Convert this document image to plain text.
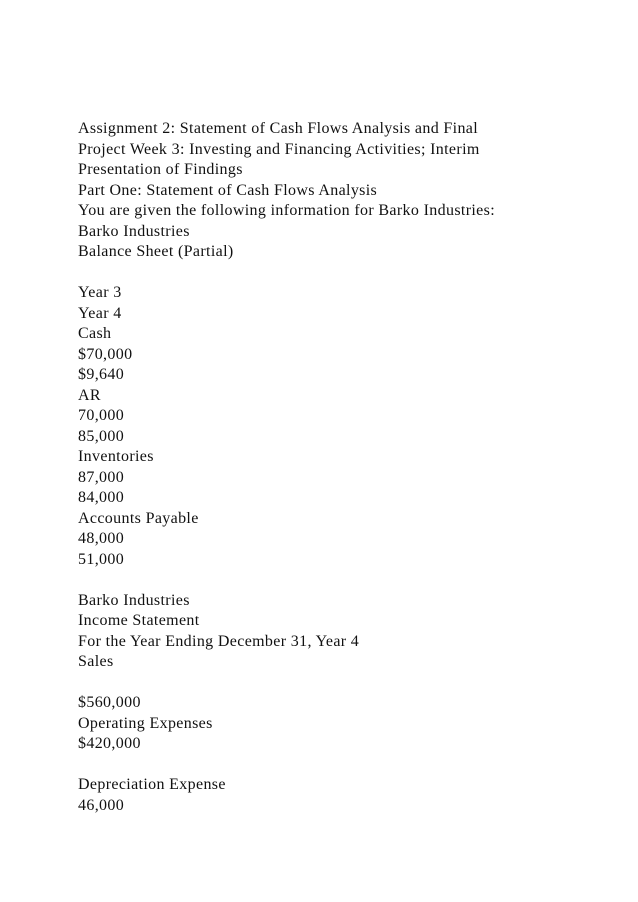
Assignment 2: Statement of Cash Flows Analysis and Final
Project Week 3: Investing and Financing Activities; Interim
Presentation of Findings
Part One: Statement of Cash Flows Analysis
You are given the following information for Barko Industries:
Barko Industries
Balance Sheet (Partial)
Year 3
Year 4
Cash
$70,000
$9,640
AR
70,000
85,000
Inventories
87,000
84,000
Accounts Payable
48,000
51,000
Barko Industries
Income Statement
For the Year Ending December 31, Year 4
Sales
$560,000
Operating Expenses
$420,000
Depreciation Expense
46,000
